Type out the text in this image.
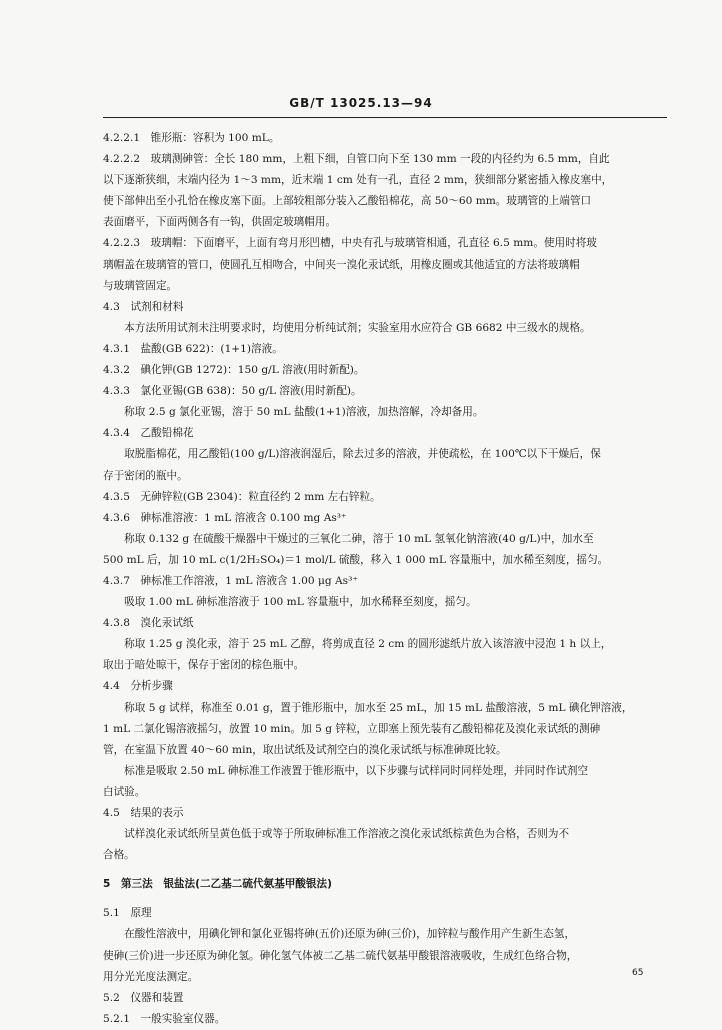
GB/T 13025.13—94
4.2.2.1　锥形瓶：容积为 100 mL。
4.2.2.2　玻璃测砷管：全长 180 mm，上粗下细，自管口向下至 130 mm 一段的内径约为 6.5 mm，自此
以下逐渐狭细，末端内径为 1～3 mm，近末端 1 cm 处有一孔，直径 2 mm，狭细部分紧密插入橡皮塞中，
使下部伸出至小孔恰在橡皮塞下面。上部较粗部分装入乙酸铅棉花，高 50～60 mm。玻璃管的上端管口
表面磨平，下面两侧各有一钩，供固定玻璃帽用。
4.2.2.3　玻璃帽：下面磨平，上面有弯月形凹槽，中央有孔与玻璃管相通，孔直径 6.5 mm。使用时将玻
璃帽盖在玻璃管的管口，使圆孔互相吻合，中间夹一溴化汞试纸，用橡皮圈或其他适宜的方法将玻璃帽
与玻璃管固定。
4.3　试剂和材料
　　本方法所用试剂未注明要求时，均使用分析纯试剂；实验室用水应符合 GB 6682 中三级水的规格。
4.3.1　盐酸(GB 622)：(1+1)溶液。
4.3.2　碘化钾(GB 1272)：150 g/L 溶液(用时新配)。
4.3.3　氯化亚锡(GB 638)：50 g/L 溶液(用时新配)。
　　称取 2.5 g 氯化亚锡，溶于 50 mL 盐酸(1+1)溶液，加热溶解，冷却备用。
4.3.4　乙酸铅棉花
　　取脱脂棉花，用乙酸铅(100 g/L)溶液润湿后，除去过多的溶液，并使疏松，在 100℃以下干燥后，保
存于密闭的瓶中。
4.3.5　无砷锌粒(GB 2304)：粒直径约 2 mm 左右锌粒。
4.3.6　砷标准溶液：1 mL 溶液含 0.100 mg As³⁺
　　称取 0.132 g 在硫酸干燥器中干燥过的三氧化二砷，溶于 10 mL 氢氧化钠溶液(40 g/L)中，加水至
500 mL 后，加 10 mL c(1/2H₂SO₄)＝1 mol/L 硫酸，移入 1 000 mL 容量瓶中，加水稀至刻度，摇匀。
4.3.7　砷标准工作溶液，1 mL 溶液含 1.00 μg As³⁺
　　吸取 1.00 mL 砷标准溶液于 100 mL 容量瓶中，加水稀释至刻度，摇匀。
4.3.8　溴化汞试纸
　　称取 1.25 g 溴化汞，溶于 25 mL 乙醇，将剪成直径 2 cm 的圆形滤纸片放入该溶液中浸泡 1 h 以上，
取出于暗处晾干，保存于密闭的棕色瓶中。
4.4　分析步骤
　　称取 5 g 试样，称准至 0.01 g，置于锥形瓶中，加水至 25 mL，加 15 mL 盐酸溶液，5 mL 碘化钾溶液，
1 mL 二氯化锡溶液摇匀，放置 10 min。加 5 g 锌粒，立即塞上预先装有乙酸铅棉花及溴化汞试纸的测砷
管，在室温下放置 40～60 min，取出试纸及试剂空白的溴化汞试纸与标准砷斑比较。
　　标准是吸取 2.50 mL 砷标准工作液置于锥形瓶中，以下步骤与试样同时同样处理，并同时作试剂空
白试验。
4.5　结果的表示
　　试样溴化汞试纸所呈黄色低于或等于所取砷标准工作溶液之溴化汞试纸棕黄色为合格，否则为不
合格。
5　第三法　银盐法(二乙基二硫代氨基甲酸银法)
5.1　原理
　　在酸性溶液中，用碘化钾和氯化亚锡将砷(五价)还原为砷(三价)，加锌粒与酸作用产生新生态氢，
使砷(三价)进一步还原为砷化氢。砷化氢气体被二乙基二硫代氨基甲酸银溶液吸收，生成红色络合物，
用分光光度法测定。
5.2　仪器和装置
5.2.1　一般实验室仪器。
65
